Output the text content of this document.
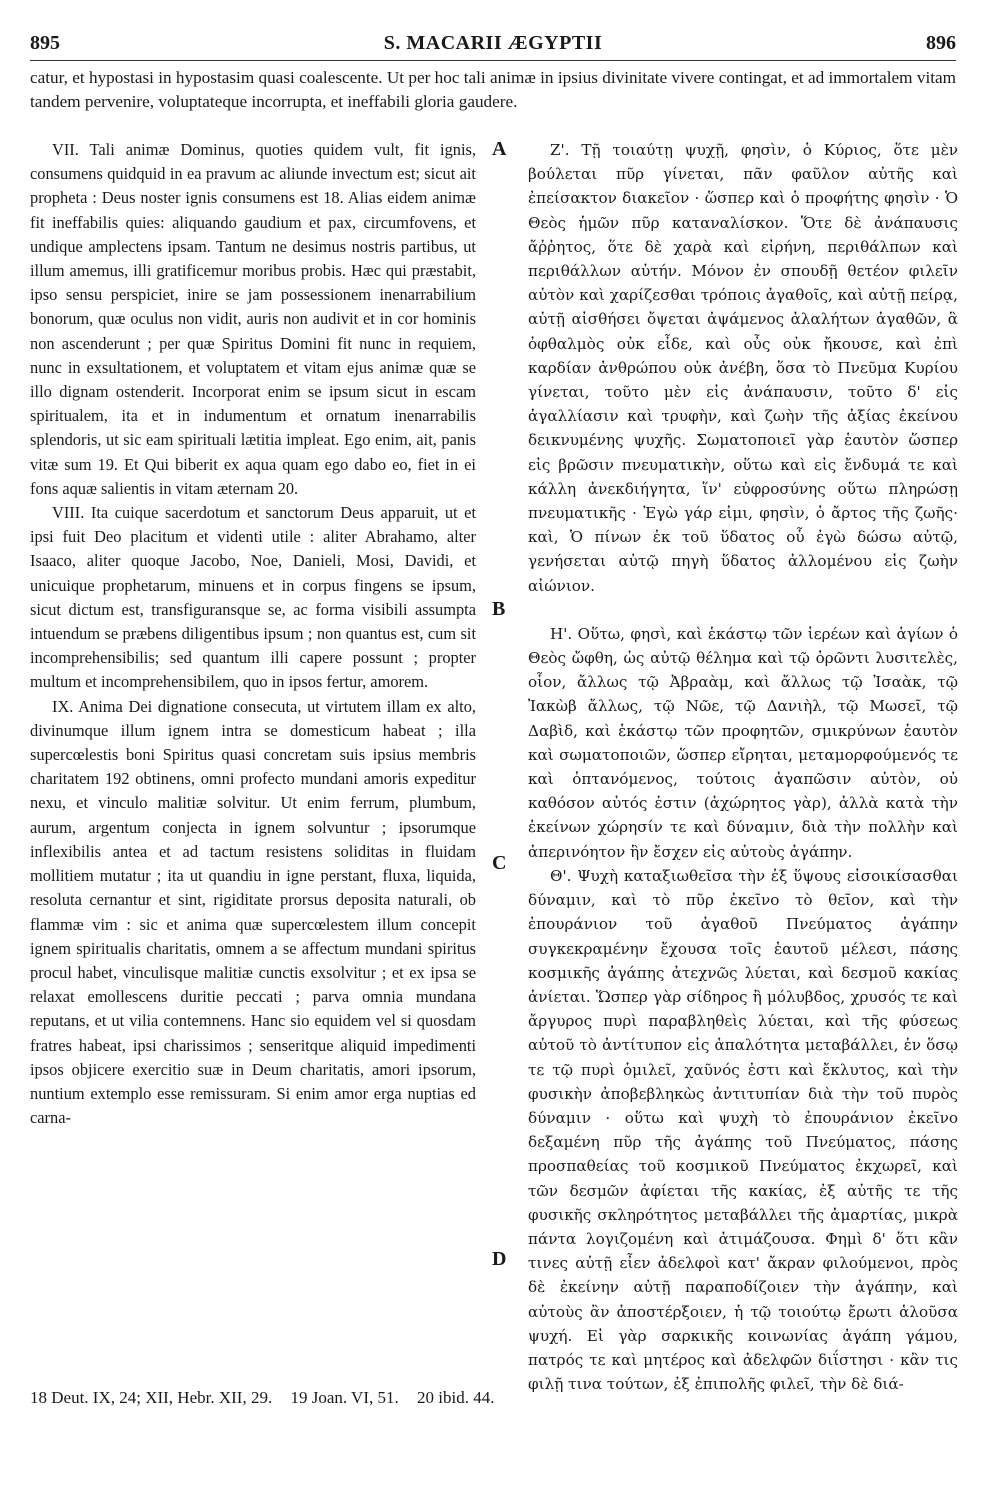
895	S. MACARII ÆGYPTII	896
catur, et hypostasi in hypostasim quasi coalescente. Ut per hoc tali animæ in ipsius divinitate vivere contingat, et ad immortalem vitam tandem pervenire, voluptateque incorrupta, et ineffabili gloria gaudere.

VII. Tali animæ Dominus, quoties quidem vult, fit ignis, consumens quidquid in ea pravum ac aliunde invectum est; sicut ait propheta : Deus noster ignis consumens est 18. Alias eidem animæ fit ineffabilis quies: aliquando gaudium et pax, circumfovens, et undique amplectens ipsam. Tantum ne desimus nostris partibus, ut illum amemus, illi gratificemur moribus probis. Hæc qui præstabit, ipso sensu perspiciet, inire se jam possessionem inenarrabilium bonorum, quæ oculus non vidit, auris non audivit et in cor hominis non ascenderunt ; per quæ Spiritus Domini fit nunc in requiem, nunc in exsultationem, et voluptatem et vitam ejus animæ quæ se illo dignam ostenderit. Incorporat enim se ipsum sicut in escam spiritualem, ita et in indumentum et ornatum inenarrabilis splendoris, ut sic eam spirituali lætitia impleat. Ego enim, ait, panis vitæ sum 19. Et Qui biberit ex aqua quam ego dabo eo, fiet in ei fons aquæ salientis in vitam æternam 20.

VIII. Ita cuique sacerdotum et sanctorum Deus apparuit, ut et ipsi fuit Deo placitum et videnti utile : aliter Abrahamo, alter Isaaco, aliter quoque Jacobo, Noe, Danieli, Mosi, Davidi, et unicuique prophetarum, minuens et in corpus fingens se ipsum, sicut dictum est, transfiguransque se, ac forma visibili assumpta intuendum se præbens diligentibus ipsum ; non quantus est, cum sit incomprehensibilis; sed quantum illi capere possunt ; propter multum et incomprehensibilem, quo in ipsos fertur, amorem.

IX. Anima Dei dignatione consecuta, ut virtutem illam ex alto, divinumque illum ignem intra se domesticum habeat ; illa supercœlestis boni Spiritus quasi concretam suis ipsius membris charitatem 192 obtinens, omni profecto mundani amoris expeditur nexu, et vinculo malitiæ solvitur. Ut enim ferrum, plumbum, aurum, argentum conjecta in ignem solvuntur ; ipsorumque inflexibilis antea et ad tactum resistens soliditas in fluidam mollitiem mutatur ; ita ut quandiu in igne perstant, fluxa, liquida, resoluta cernantur et sint, rigiditate prorsus deposita naturali, ob flammæ vim : sic et anima quæ supercœlestem illum concepit ignem spiritualis charitatis, omnem a se affectum mundani spiritus procul habet, vinculisque malitiæ cunctis exsolvitur ; et ex ipsa se relaxat emollescens duritie peccati ; parva omnia mundana reputans, et ut vilia contemnens. Hanc sio equidem vel si quosdam fratres habeat, ipsi charissimos ; senseritque aliquid impedimenti ipsos objicere exercitio suæ in Deum charitatis, amori ipsorum, nuntium extemplo esse remissuram. Si enim amor erga nuptias ed carna-

Ζ'. Τῇ τοιαύτῃ ψυχῇ, φησὶν, ὁ Κύριος, ὅτε μὲν βούλεται πῦρ γίνεται, πᾶν φαῦλον αὐτῆς καὶ ἐπείσακτον διακεῖον · ὥσπερ καὶ ὁ προφήτης φησὶν · Ὁ Θεὸς ἡμῶν πῦρ καταναλίσκον. Ὅτε δὲ ἀνάπαυσις ἄῤῥητος, ὅτε δὲ χαρὰ καὶ εἰρήνη, περιθάλπων καὶ περιθάλλων αὐτήν. Μόνον ἐν σπουδῇ θετέον φιλεῖν αὐτὸν καὶ χαρίζεσθαι τρόποις ἀγαθοῖς, καὶ αὐτῇ πείρᾳ, αὐτῇ αἰσθήσει ὄψεται ἀψάμενος ἀλαλήτων ἀγαθῶν, ἃ ὀφθαλμὸς οὐκ εἶδε, καὶ οὖς οὐκ ἤκουσε, καὶ ἐπὶ καρδίαν ἀνθρώπου οὐκ ἀνέβη, ὅσα τὸ Πνεῦμα Κυρίου γίνεται, τοῦτο μὲν εἰς ἀνάπαυσιν, τοῦτο δ' εἰς ἀγαλλίασιν καὶ τρυφὴν, καὶ ζωὴν τῆς ἀξίας ἐκείνου δεικνυμένης ψυχῆς. Σωματοποιεῖ γὰρ ἑαυτὸν ὥσπερ εἰς βρῶσιν πνευματικὴν, οὕτω καὶ εἰς ἔνδυμά τε καὶ κάλλη ἀνεκδιήγητα, ἵν' εὐφροσύνης οὕτω πληρώσῃ πνευματικῆς · Ἐγὼ γάρ εἰμι, φησὶν, ὁ ἄρτος τῆς ζωῆς· καὶ, Ὁ πίνων ἐκ τοῦ ὕδατος οὗ ἐγὼ δώσω αὐτῷ, γενήσεται αὐτῷ πηγὴ ὕδατος ἀλλομένου εἰς ζωὴν αἰώνιον.

Η'. Οὕτω, φησὶ, καὶ ἑκάστῳ τῶν ἱερέων καὶ ἁγίων ὁ Θεὸς ὤφθη, ὡς αὐτῷ θέλημα καὶ τῷ ὁρῶντι λυσιτελὲς, οἷον, ἄλλως τῷ Ἀβραὰμ, καὶ ἄλλως τῷ Ἰσαὰκ, τῷ Ἰακὼβ ἄλλως, τῷ Νῶε, τῷ Δανιὴλ, τῷ Μωσεῖ, τῷ Δαβὶδ, καὶ ἑκάστῳ τῶν προφητῶν, σμικρύνων ἑαυτὸν καὶ σωματοποιῶν, ὥσπερ εἴρηται, μεταμορφούμενός τε καὶ ὀπτανόμενος, τούτοις ἀγαπῶσιν αὐτὸν, οὐ καθόσον αὐτός ἐστιν (ἀχώρητος γὰρ), ἀλλὰ κατὰ τὴν ἐκείνων χώρησίν τε καὶ δύναμιν, διὰ τὴν πολλὴν καὶ ἀπερινόητον ἣν ἔσχεν εἰς αὐτοὺς ἀγάπην.

Θ'. Ψυχὴ καταξιωθεῖσα τὴν ἐξ ὕψους εἰσοικίσασθαι δύναμιν, καὶ τὸ πῦρ ἐκεῖνο τὸ θεῖον, καὶ τὴν ἐπουράνιον τοῦ ἀγαθοῦ Πνεύματος ἀγάπην συγκεκραμένην ἔχουσα τοῖς ἑαυτοῦ μέλεσι, πάσης κοσμικῆς ἀγάπης ἀτεχνῶς λύεται, καὶ δεσμοῦ κακίας ἀνίεται. Ὥσπερ γὰρ σίδηρος ἢ μόλυβδος, χρυσός τε καὶ ἄργυρος πυρὶ παραβληθεὶς λύεται, καὶ τῆς φύσεως αὐτοῦ τὸ ἀντίτυπον εἰς ἁπαλότητα μεταβάλλει, ἐν ὅσῳ τε τῷ πυρὶ ὁμιλεῖ, χαῦνός ἐστι καὶ ἔκλυτος, καὶ τὴν φυσικὴν ἀποβεβληκὼς ἀντιτυπίαν διὰ τὴν τοῦ πυρὸς δύναμιν · οὕτω καὶ ψυχὴ τὸ ἐπουράνιον ἐκεῖνο δεξαμένη πῦρ τῆς ἀγάπης τοῦ Πνεύματος, πάσης προσπαθείας τοῦ κοσμικοῦ Πνεύματος ἐκχωρεῖ, καὶ τῶν δεσμῶν ἀφίεται τῆς κακίας, ἐξ αὐτῆς τε τῆς φυσικῆς σκληρότητος μεταβάλλει τῆς ἁμαρτίας, μικρὰ πάντα λογιζομένη καὶ ἀτιμάζουσα. Φημὶ δ' ὅτι κἂν τινες αὐτῇ εἶεν ἀδελφοὶ κατ' ἄκραν φιλούμενοι, πρὸς δὲ ἐκείνην αὐτῇ παραποδίζοιεν τὴν ἀγάπην, καὶ αὐτοὺς ἂν ἀποστέρξοιεν, ἡ τῷ τοιούτῳ ἔρωτι ἁλοῦσα ψυχή. Εἰ γὰρ σαρκικῆς κοινωνίας ἀγάπη γάμου, πατρός τε καὶ μητέρος καὶ ἀδελφῶν διΐστησι · κἂν τις φιλῇ τινα τούτων, ἐξ ἐπιπολῆς φιλεῖ, τὴν δὲ διά-

A
B
C
D
18 Deut. IX, 24; XII, Hebr. XII, 29. 19 Joan. VI, 51. 20 ibid. 44.
